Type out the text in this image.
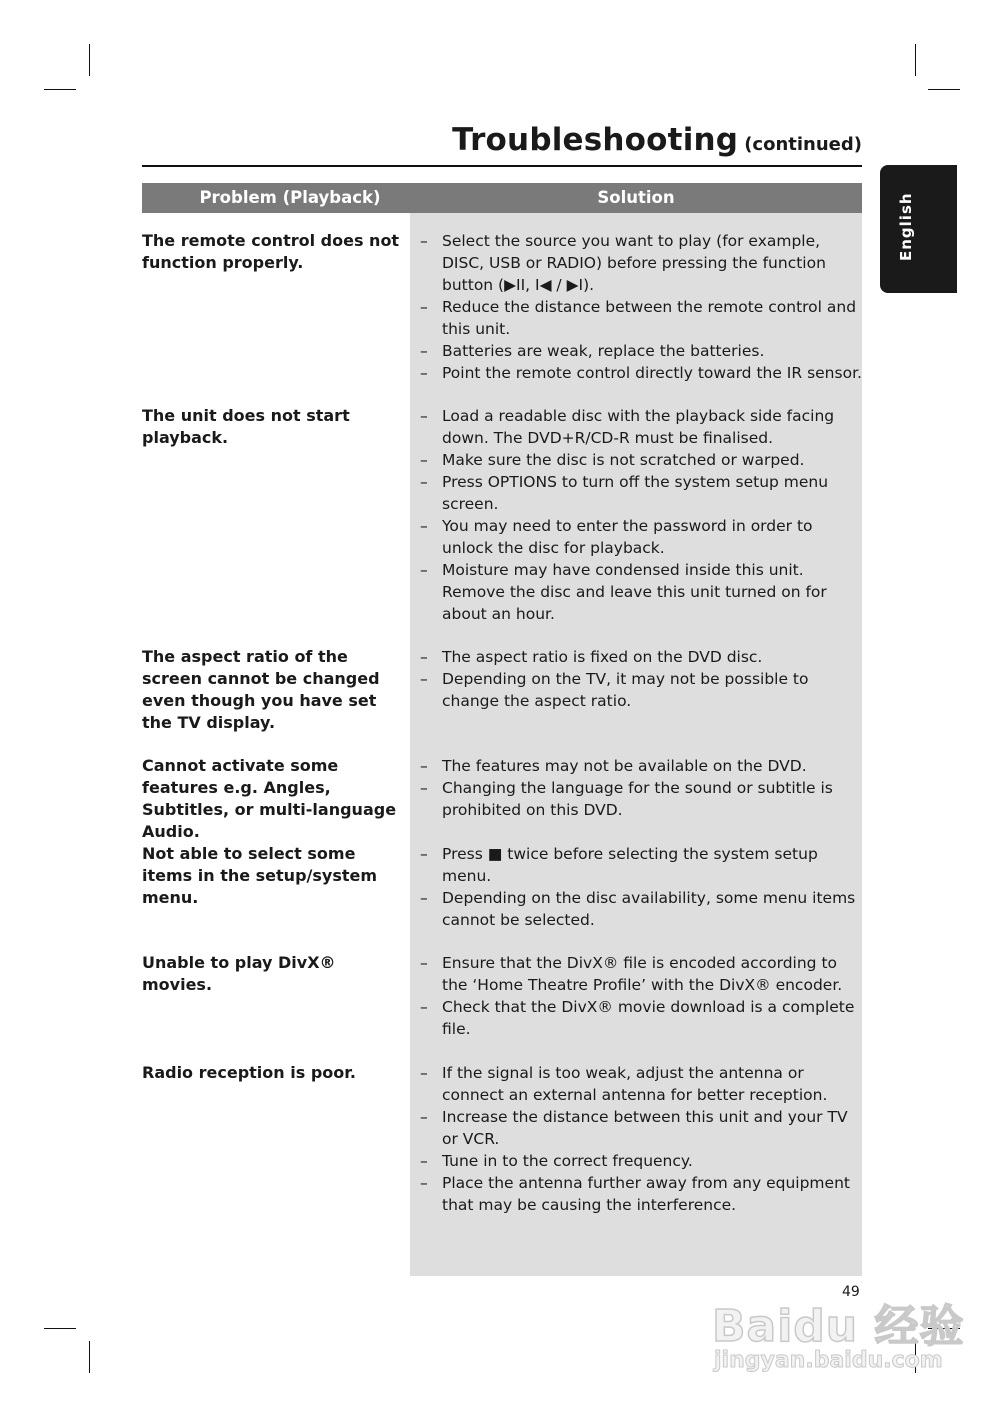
Troubleshooting (continued)
English
Problem (Playback)	Solution
The remote control does not function properly.
– Select the source you want to play (for example, DISC, USB or RADIO) before pressing the function button (▶II, I◀ / ▶I).
– Reduce the distance between the remote control and this unit.
– Batteries are weak, replace the batteries.
– Point the remote control directly toward the IR sensor.
The unit does not start playback.
– Load a readable disc with the playback side facing down. The DVD+R/CD-R must be finalised.
– Make sure the disc is not scratched or warped.
– Press OPTIONS to turn off the system setup menu screen.
– You may need to enter the password in order to unlock the disc for playback.
– Moisture may have condensed inside this unit. Remove the disc and leave this unit turned on for about an hour.
The aspect ratio of the screen cannot be changed even though you have set the TV display.
– The aspect ratio is fixed on the DVD disc.
– Depending on the TV, it may not be possible to change the aspect ratio.
Cannot activate some features e.g. Angles, Subtitles, or multi-language Audio.
– The features may not be available on the DVD.
– Changing the language for the sound or subtitle is prohibited on this DVD.
Not able to select some items in the setup/system menu.
– Press ■ twice before selecting the system setup menu.
– Depending on the disc availability, some menu items cannot be selected.
Unable to play DivX® movies.
– Ensure that the DivX® file is encoded according to the ‘Home Theatre Profile’ with the DivX® encoder.
– Check that the DivX® movie download is a complete file.
Radio reception is poor.
–	If the signal is too weak, adjust the antenna or connect an external antenna for better reception.
– Increase the distance between this unit and your TV or VCR.
– Tune in to the correct frequency.
– Place the antenna further away from any equipment that may be causing the interference.
49
Baidu 经验
jingyan.baidu.com
